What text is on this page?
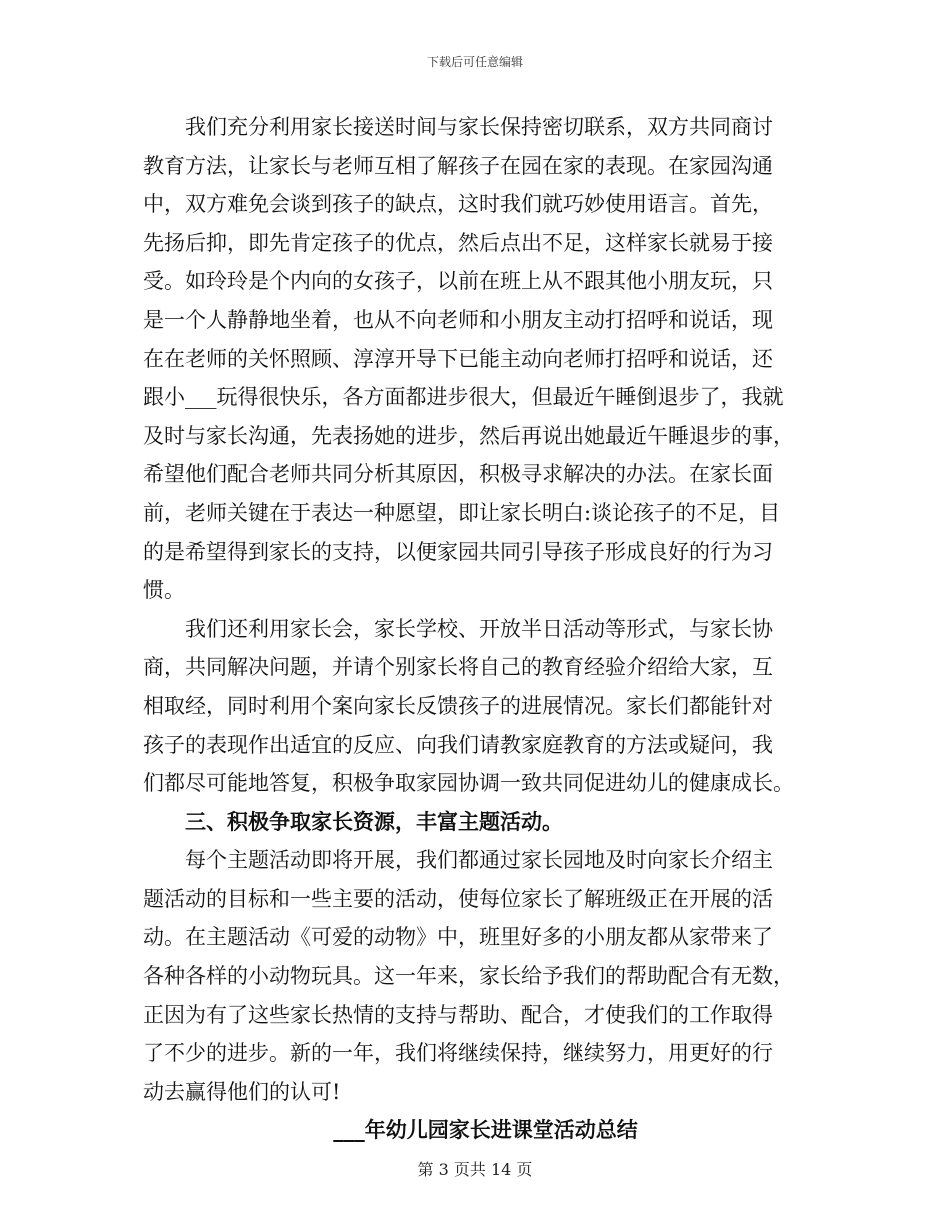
下载后可任意编辑
我们充分利用家长接送时间与家长保持密切联系，双方共同商讨
教育方法，让家长与老师互相了解孩子在园在家的表现。在家园沟通
中，双方难免会谈到孩子的缺点，这时我们就巧妙使用语言。首先，
先扬后抑，即先肯定孩子的优点，然后点出不足，这样家长就易于接
受。如玲玲是个内向的女孩子，以前在班上从不跟其他小朋友玩，只
是一个人静静地坐着，也从不向老师和小朋友主动打招呼和说话，现
在在老师的关怀照顾、淳淳开导下已能主动向老师打招呼和说话，还
跟小___玩得很快乐，各方面都进步很大，但最近午睡倒退步了，我就
及时与家长沟通，先表扬她的进步，然后再说出她最近午睡退步的事，
希望他们配合老师共同分析其原因，积极寻求解决的办法。在家长面
前，老师关键在于表达一种愿望，即让家长明白:谈论孩子的不足，目
的是希望得到家长的支持，以便家园共同引导孩子形成良好的行为习
惯。
我们还利用家长会，家长学校、开放半日活动等形式，与家长协
商，共同解决问题，并请个别家长将自己的教育经验介绍给大家，互
相取经，同时利用个案向家长反馈孩子的进展情况。家长们都能针对
孩子的表现作出适宜的反应、向我们请教家庭教育的方法或疑问，我
们都尽可能地答复，积极争取家园协调一致共同促进幼儿的健康成长。
三、积极争取家长资源，丰富主题活动。
每个主题活动即将开展，我们都通过家长园地及时向家长介绍主
题活动的目标和一些主要的活动，使每位家长了解班级正在开展的活
动。在主题活动《可爱的动物》中，班里好多的小朋友都从家带来了
各种各样的小动物玩具。这一年来，家长给予我们的帮助配合有无数，
正因为有了这些家长热情的支持与帮助、配合，才使我们的工作取得
了不少的进步。新的一年，我们将继续保持，继续努力，用更好的行
动去赢得他们的认可!
___年幼儿园家长进课堂活动总结
第 3 页共 14 页
